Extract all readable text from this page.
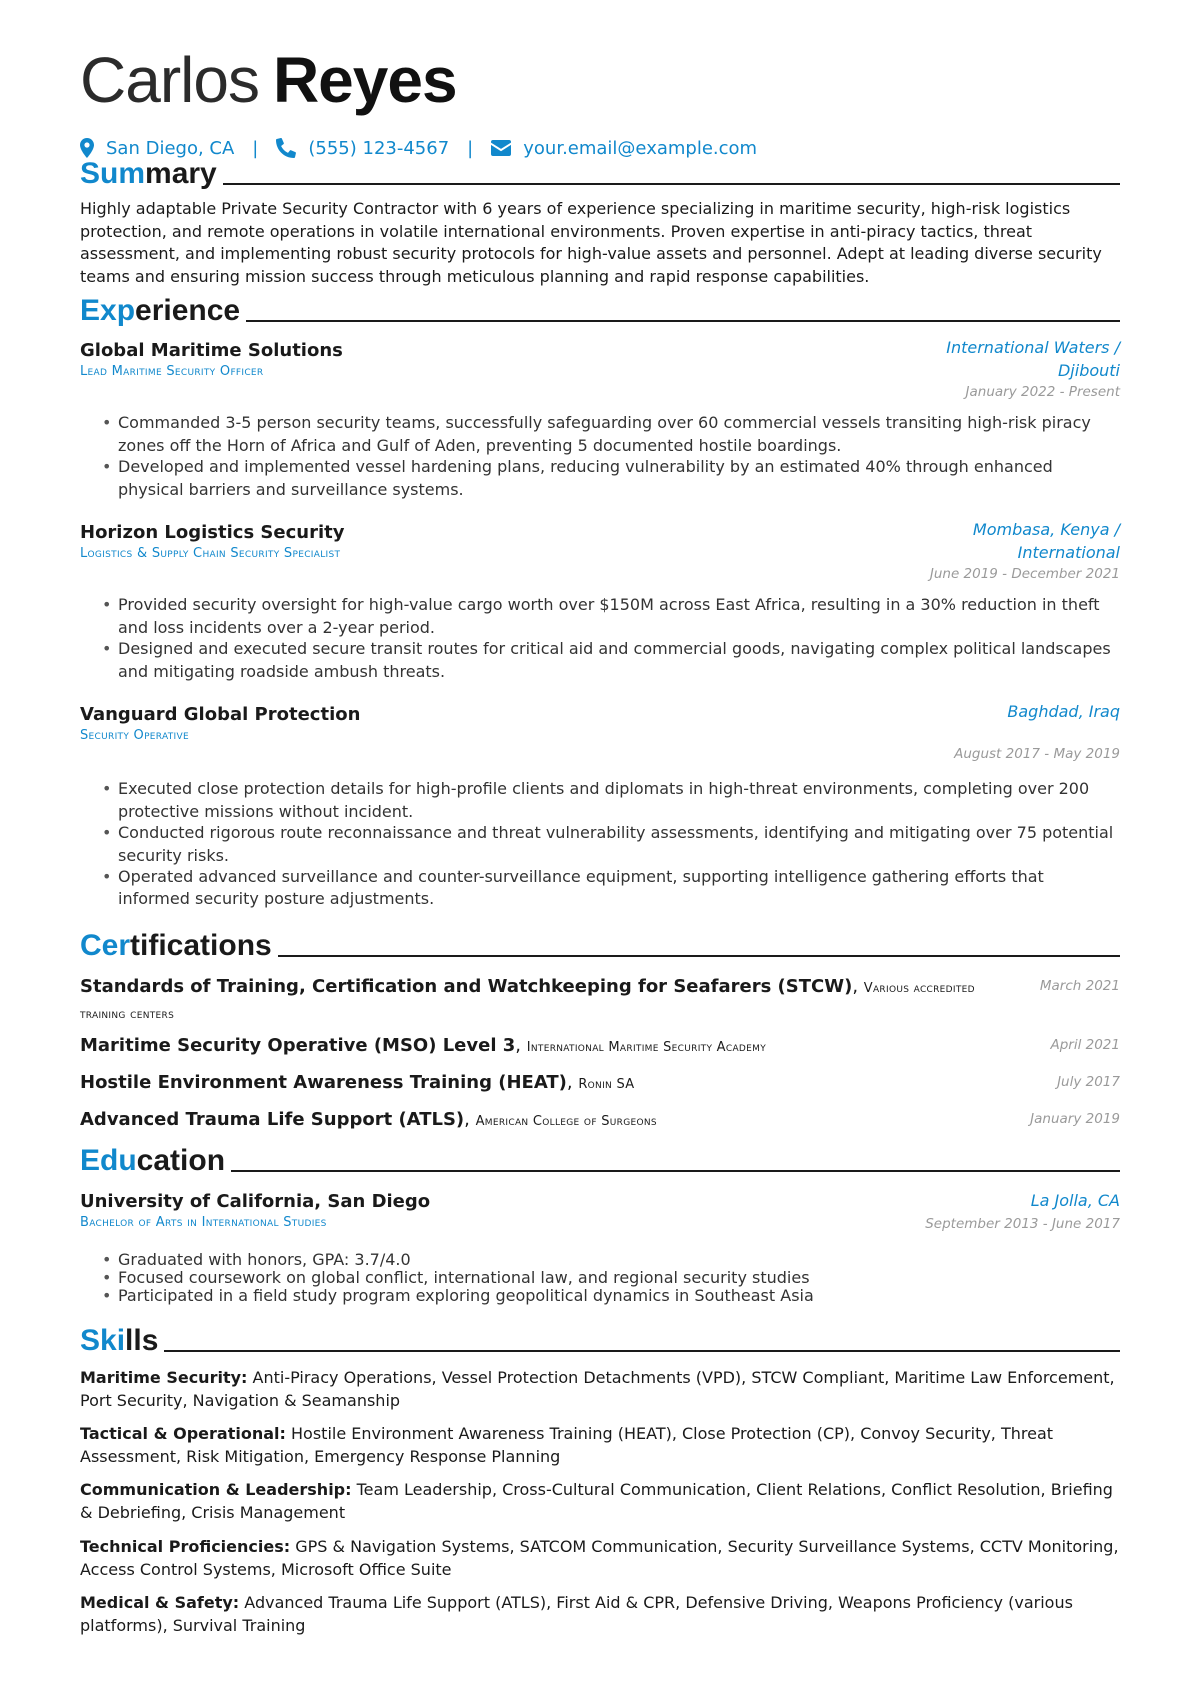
Carlos Reyes
San Diego, CA |	(555) 123-4567 |	your.email@example.com
Summary

Highly adaptable Private Security Contractor with 6 years of experience specializing in maritime security, high-risk logistics protection, and remote operations in volatile international environments. Proven expertise in anti-piracy tactics, threat assessment, and implementing robust security protocols for high-value assets and personnel. Adept at leading diverse security teams and ensuring mission success through meticulous planning and rapid response capabilities.

Experience
Global Maritime Solutions
Lead Maritime Security Officer
International Waters / Djibouti
January 2022 - Present
• Commanded 3-5 person security teams, successfully safeguarding over 60 commercial vessels transiting high-risk piracy zones off the Horn of Africa and Gulf of Aden, preventing 5 documented hostile boardings.
• Developed and implemented vessel hardening plans, reducing vulnerability by an estimated 40% through enhanced physical barriers and surveillance systems.
Horizon Logistics Security
Logistics & Supply Chain Security Specialist
Mombasa, Kenya / International
June 2019 - December 2021
• Provided security oversight for high-value cargo worth over $150M across East Africa, resulting in a 30% reduction in theft and loss incidents over a 2-year period.
• Designed and executed secure transit routes for critical aid and commercial goods, navigating complex political landscapes and mitigating roadside ambush threats.
Vanguard Global Protection
Security Operative
Baghdad, Iraq
August 2017 - May 2019
• Executed close protection details for high-profile clients and diplomats in high-threat environments, completing over 200 protective missions without incident.
• Conducted rigorous route reconnaissance and threat vulnerability assessments, identifying and mitigating over 75 potential security risks.
• Operated advanced surveillance and counter-surveillance equipment, supporting intelligence gathering efforts that informed security posture adjustments.
Certifications
Standards of Training, Certification and Watchkeeping for Seafarers (STCW), Various accredited training centers
March 2021
Maritime Security Operative (MSO) Level 3, International Maritime Security Academy	April 2021
Hostile Environment Awareness Training (HEAT), Ronin SA	July 2017
Advanced Trauma Life Support (ATLS), American College of Surgeons	January 2019
Education
University of California, San Diego
Bachelor of Arts in International Studies
La Jolla, CA
September 2013 - June 2017
• Graduated with honors, GPA: 3.7/4.0
• Focused coursework on global conflict, international law, and regional security studies
• Participated in a field study program exploring geopolitical dynamics in Southeast Asia
Skills

Maritime Security: Anti-Piracy Operations, Vessel Protection Detachments (VPD), STCW Compliant, Maritime Law Enforcement, Port Security, Navigation & Seamanship

Tactical & Operational: Hostile Environment Awareness Training (HEAT), Close Protection (CP), Convoy Security, Threat Assessment, Risk Mitigation, Emergency Response Planning

Communication & Leadership: Team Leadership, Cross-Cultural Communication, Client Relations, Conflict Resolution, Briefing & Debriefing, Crisis Management

Technical Proficiencies: GPS & Navigation Systems, SATCOM Communication, Security Surveillance Systems, CCTV Monitoring, Access Control Systems, Microsoft Office Suite

Medical & Safety: Advanced Trauma Life Support (ATLS), First Aid & CPR, Defensive Driving, Weapons Proficiency (various platforms), Survival Training
